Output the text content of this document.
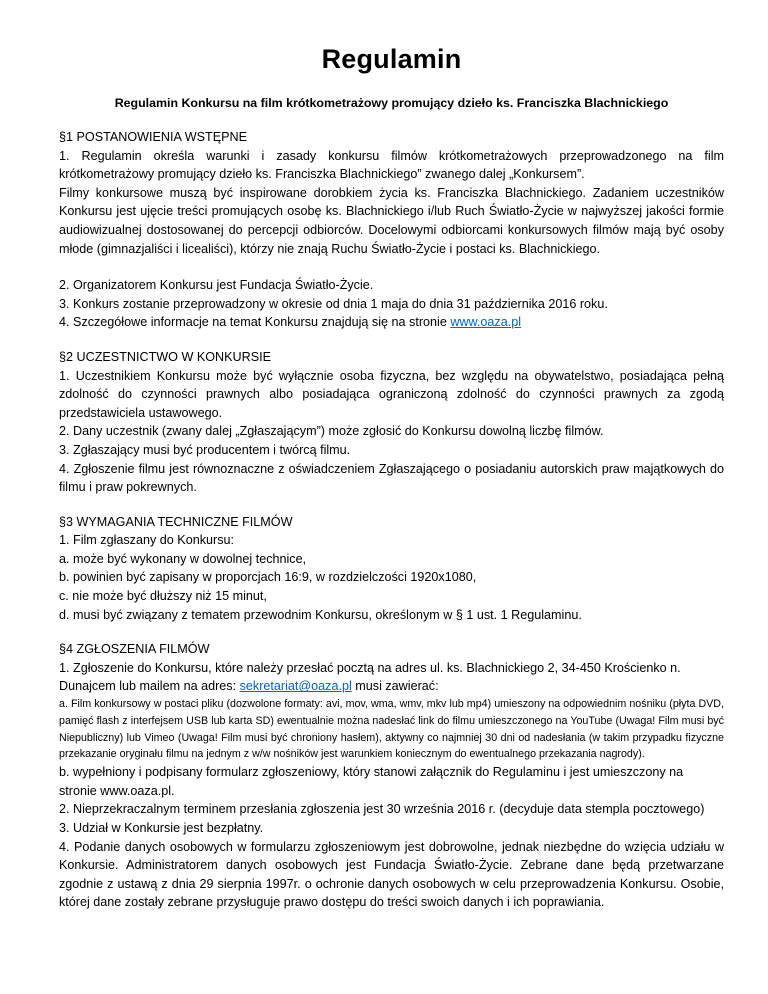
Regulamin
Regulamin Konkursu na film krótkometrażowy promujący dzieło ks. Franciszka Blachnickiego

§1 POSTANOWIENIA WSTĘPNE

1. Regulamin określa warunki i zasady konkursu filmów krótkometrażowych przeprowadzonego na film krótkometrażowy promujący dzieło ks. Franciszka Blachnickiego” zwanego dalej „Konkursem”.

Filmy konkursowe muszą być inspirowane dorobkiem życia ks. Franciszka Blachnickiego. Zadaniem uczestników Konkursu jest ujęcie treści promujących osobę ks. Blachnickiego i/lub Ruch Światło-Życie w najwyższej jakości formie audiowizualnej dostosowanej do percepcji odbiorców. Docelowymi odbiorcami konkursowych filmów mają być osoby młode (gimnazjaliści i licealiści), którzy nie znają Ruchu Światło-Życie i postaci ks. Blachnickiego.

2. Organizatorem Konkursu jest Fundacja Światło-Życie.

3. Konkurs zostanie przeprowadzony w okresie od dnia 1 maja do dnia 31 października 2016 roku.

4. Szczegółowe informacje na temat Konkursu znajdują się na stronie www.oaza.pl

§2 UCZESTNICTWO W KONKURSIE

1. Uczestnikiem Konkursu może być wyłącznie osoba fizyczna, bez względu na obywatelstwo, posiadająca pełną zdolność do czynności prawnych albo posiadająca ograniczoną zdolność do czynności prawnych za zgodą przedstawiciela ustawowego.

2. Dany uczestnik (zwany dalej „Zgłaszającym”) może zgłosić do Konkursu dowolną liczbę filmów.

3. Zgłaszający musi być producentem i twórcą filmu.

4. Zgłoszenie filmu jest równoznaczne z oświadczeniem Zgłaszającego o posiadaniu autorskich praw majątkowych do filmu i praw pokrewnych.

§3 WYMAGANIA TECHNICZNE FILMÓW

1. Film zgłaszany do Konkursu:

a. może być wykonany w dowolnej technice,

b. powinien być zapisany w proporcjach 16:9, w rozdzielczości 1920x1080,

c. nie może być dłuższy niż 15 minut,

d. musi być związany z tematem przewodnim Konkursu, określonym w § 1 ust. 1 Regulaminu.

§4 ZGŁOSZENIA FILMÓW

1. Zgłoszenie do Konkursu, które należy przesłać pocztą na adres ul. ks. Blachnickiego 2, 34-450 Krościenko n. Dunajcem lub mailem na adres: sekretariat@oaza.pl musi zawierać:

a. Film konkursowy w postaci pliku (dozwolone formaty: avi, mov, wma, wmv, mkv lub mp4) umieszony na odpowiednim nośniku (płyta DVD, pamięć flash z interfejsem USB lub karta SD) ewentualnie można nadesłać link do filmu umieszczonego na YouTube (Uwaga! Film musi być Niepubliczny) lub Vimeo (Uwaga! Film musi być chroniony hasłem), aktywny co najmniej 30 dni od nadesłania (w takim przypadku fizyczne przekazanie oryginału filmu na jednym z w/w nośników jest warunkiem koniecznym do ewentualnego przekazania nagrody).

b. wypełniony i podpisany formularz zgłoszeniowy, który stanowi załącznik do Regulaminu i jest umieszczony na stronie www.oaza.pl.

2. Nieprzekraczalnym terminem przesłania zgłoszenia jest 30 września 2016 r. (decyduje data stempla pocztowego)

3. Udział w Konkursie jest bezpłatny.

4. Podanie danych osobowych w formularzu zgłoszeniowym jest dobrowolne, jednak niezbędne do wzięcia udziału w Konkursie. Administratorem danych osobowych jest Fundacja Światło-Życie. Zebrane dane będą przetwarzane zgodnie z ustawą z dnia 29 sierpnia 1997r. o ochronie danych osobowych w celu przeprowadzenia Konkursu. Osobie, której dane zostały zebrane przysługuje prawo dostępu do treści swoich danych i ich poprawiania.
